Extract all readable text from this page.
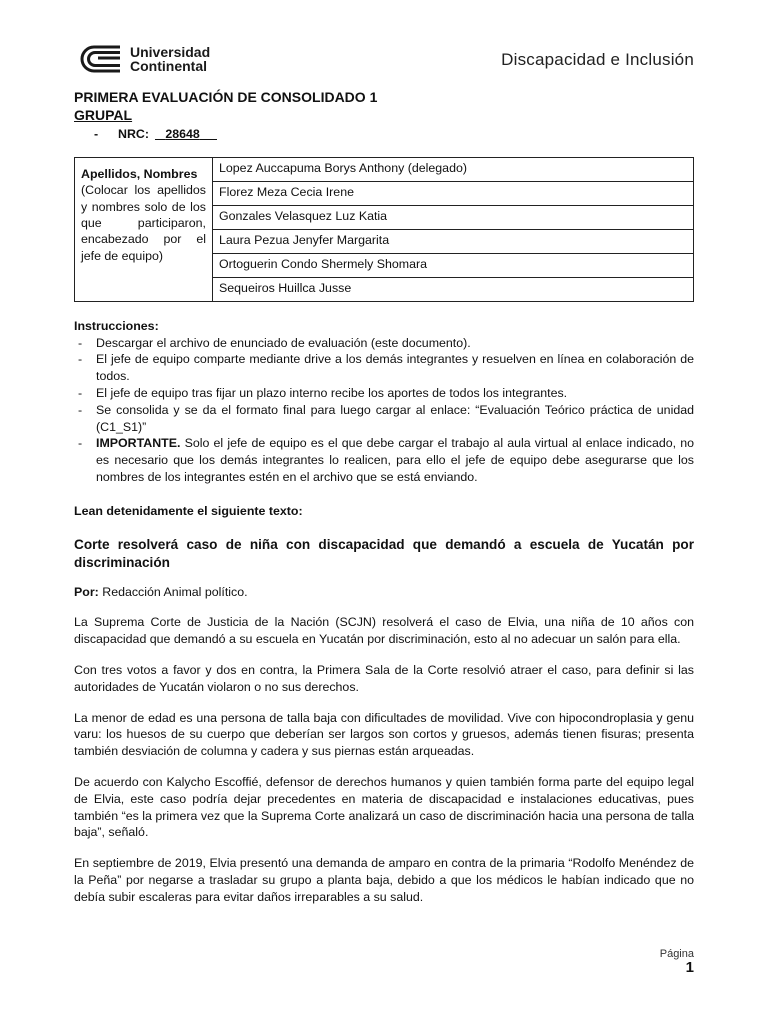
Universidad
Continental	Discapacidad e Inclusión

PRIMERA EVALUACIÓN DE CONSOLIDADO 1

GRUPAL

- NRC: 28648
Apellidos, Nombres
(Colocar los apellidos y nombres solo de los que participaron, encabezado por el jefe de equipo)	Lopez Auccapuma Borys Anthony (delegado)
Florez Meza Cecia Irene
Gonzales Velasquez Luz Katia
Laura Pezua Jenyfer Margarita
Ortoguerin Condo Shermely Shomara
Sequeiros Huillca Jusse
Instrucciones:
- Descargar el archivo de enunciado de evaluación (este documento).
- El jefe de equipo comparte mediante drive a los demás integrantes y resuelven en línea en colaboración de todos.
- El jefe de equipo tras fijar un plazo interno recibe los aportes de todos los integrantes.
- Se consolida y se da el formato final para luego cargar al enlace: “Evaluación Teórico práctica de unidad (C1_S1)”
- IMPORTANTE. Solo el jefe de equipo es el que debe cargar el trabajo al aula virtual al enlace indicado, no es necesario que los demás integrantes lo realicen, para ello el jefe de equipo debe asegurarse que los nombres de los integrantes estén en el archivo que se está enviando.
Lean detenidamente el siguiente texto:
Corte resolverá caso de niña con discapacidad que demandó a escuela de Yucatán por discriminación
Por: Redacción Animal político.

La Suprema Corte de Justicia de la Nación (SCJN) resolverá el caso de Elvia, una niña de 10 años con discapacidad que demandó a su escuela en Yucatán por discriminación, esto al no adecuar un salón para ella.

Con tres votos a favor y dos en contra, la Primera Sala de la Corte resolvió atraer el caso, para definir si las autoridades de Yucatán violaron o no sus derechos.

La menor de edad es una persona de talla baja con dificultades de movilidad. Vive con hipocondroplasia y genu varu: los huesos de su cuerpo que deberían ser largos son cortos y gruesos, además tienen fisuras; presenta también desviación de columna y cadera y sus piernas están arqueadas.

De acuerdo con Kalycho Escoffié, defensor de derechos humanos y quien también forma parte del equipo legal de Elvia, este caso podría dejar precedentes en materia de discapacidad e instalaciones educativas, pues también “es la primera vez que la Suprema Corte analizará un caso de discriminación hacia una persona de talla baja”, señaló.

En septiembre de 2019, Elvia presentó una demanda de amparo en contra de la primaria “Rodolfo Menéndez de la Peña” por negarse a trasladar su grupo a planta baja, debido a que los médicos le habían indicado que no debía subir escaleras para evitar daños irreparables a su salud.

Página
1
